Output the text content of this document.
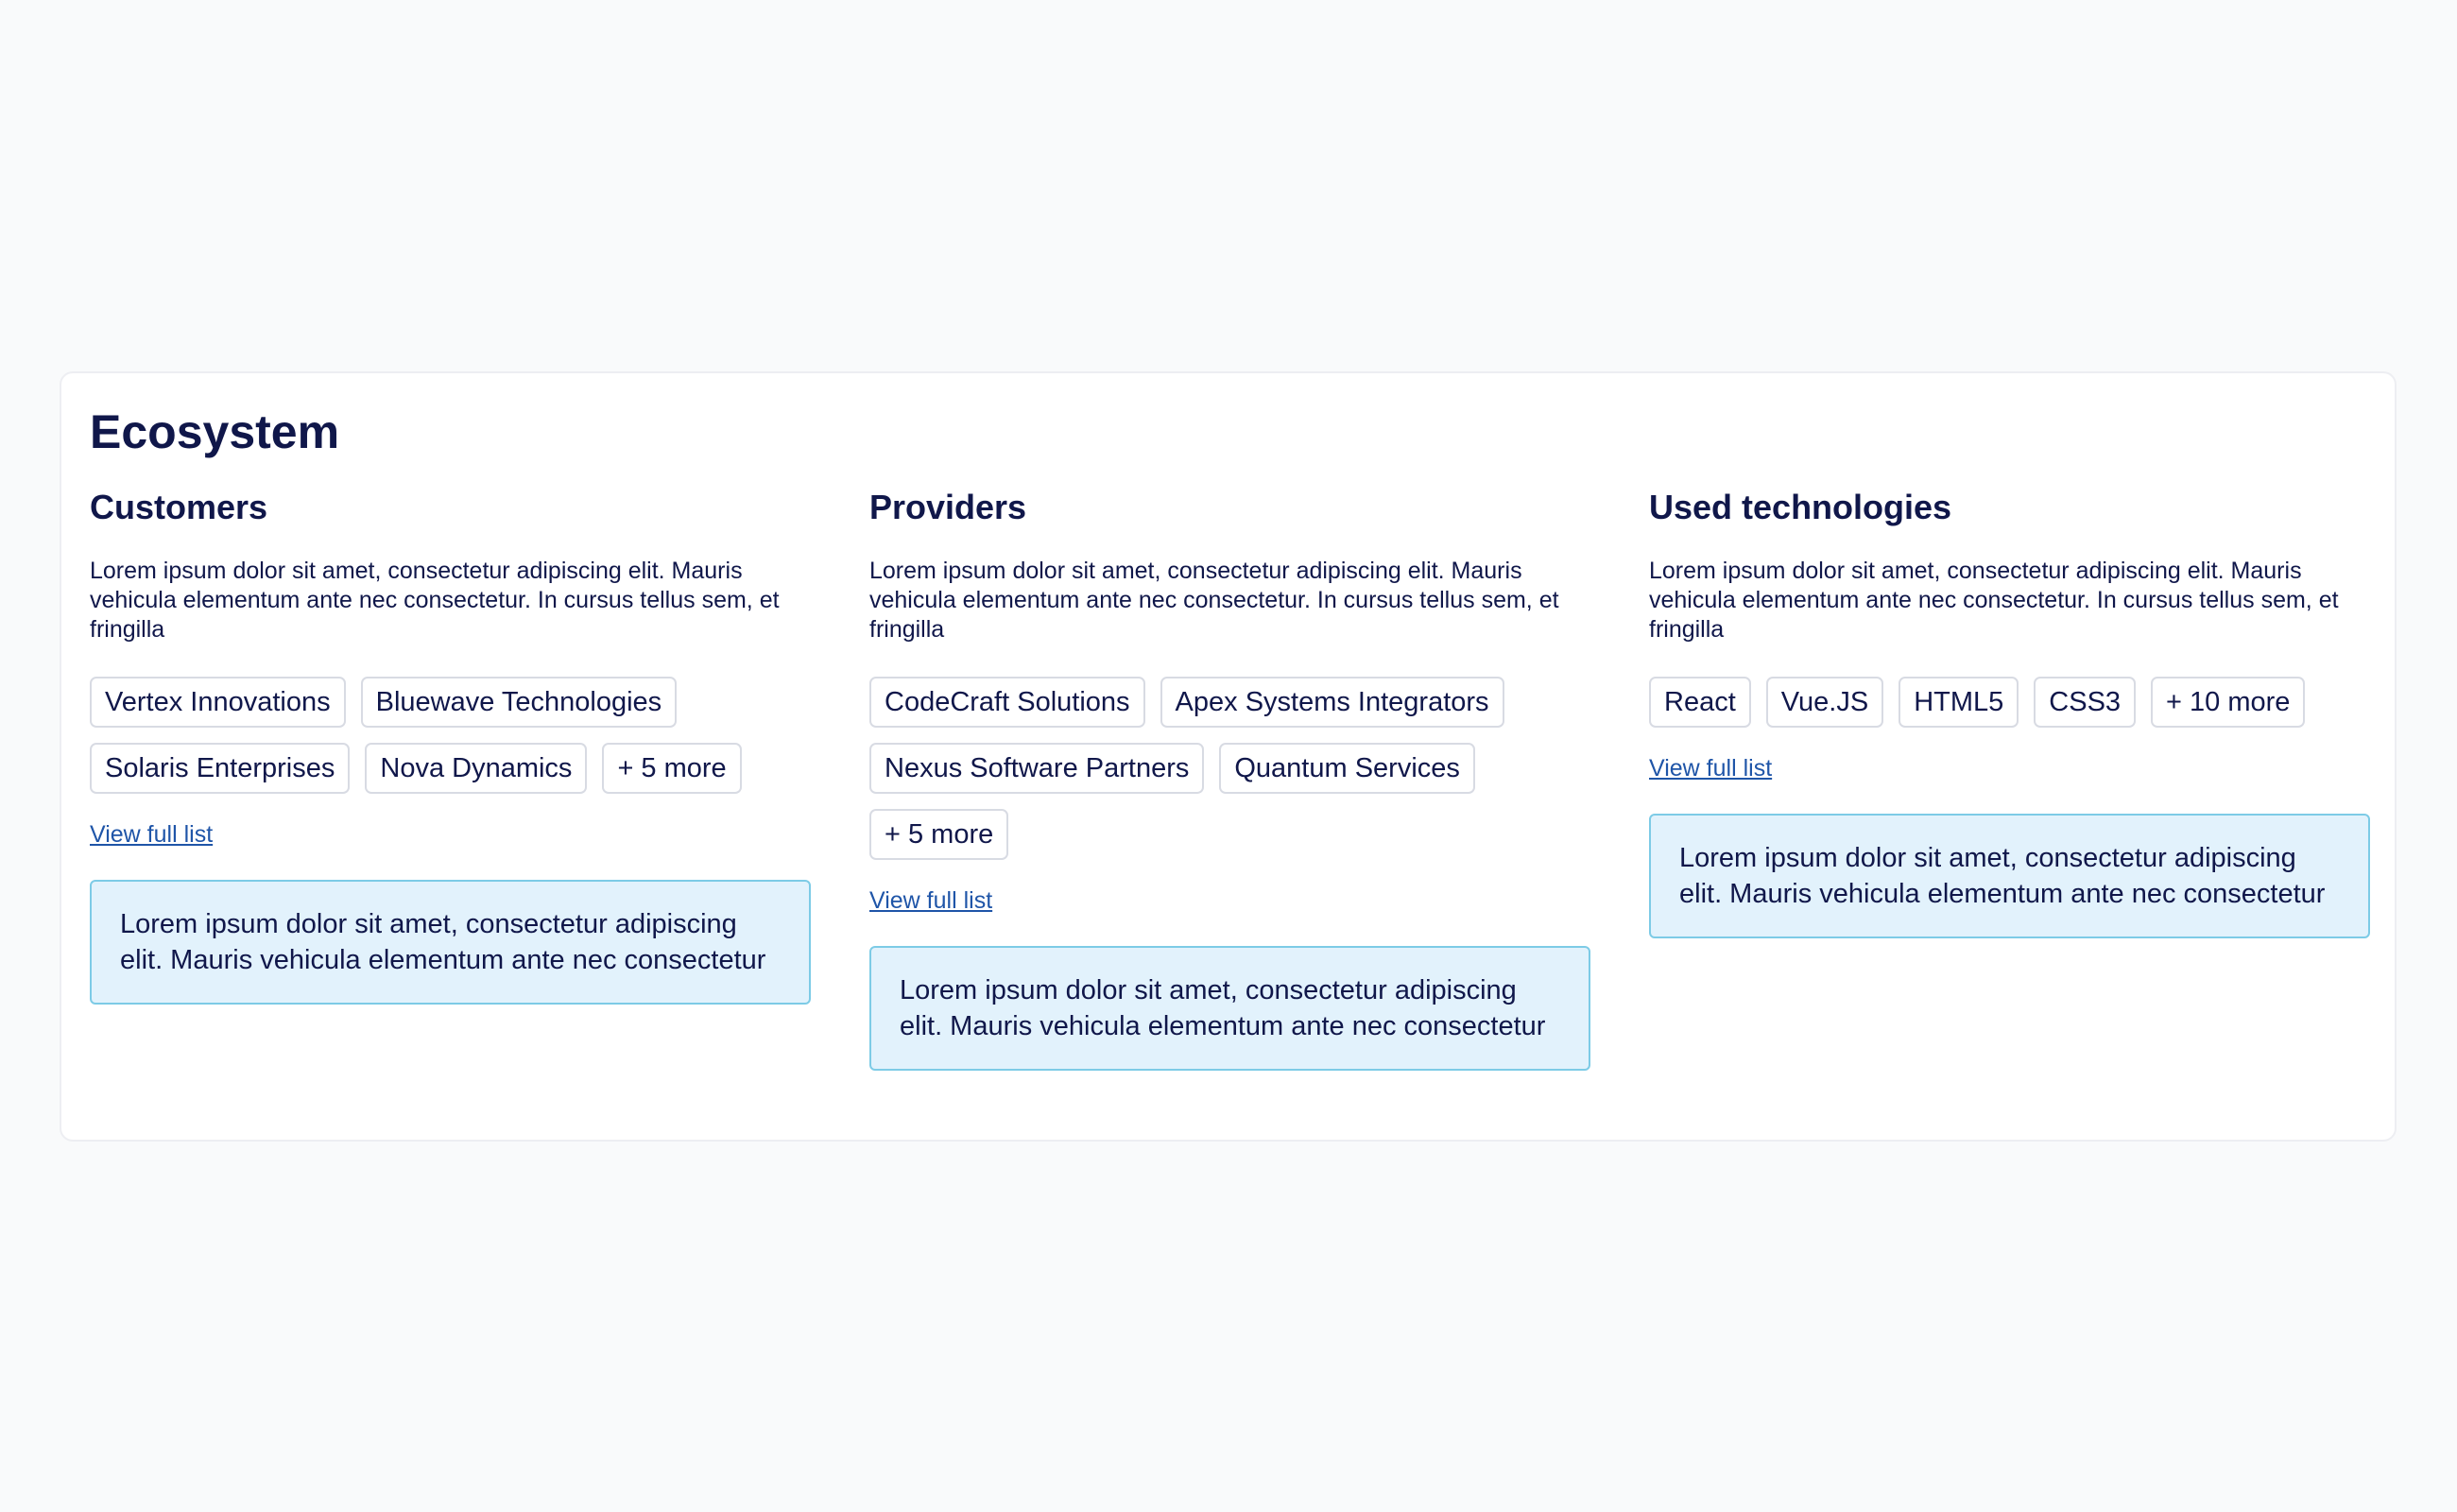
Ecosystem
Customers

Lorem ipsum dolor sit amet, consectetur adipiscing elit. Mauris vehicula elementum ante nec consectetur. In cursus tellus sem, et fringilla

Vertex Innovations	Bluewave Technologies
Solaris Enterprises	Nova Dynamics	+ 5 more
View full list
Lorem ipsum dolor sit amet, consectetur adipiscing elit. Mauris vehicula elementum ante nec consectetur
Providers

Lorem ipsum dolor sit amet, consectetur adipiscing elit. Mauris vehicula elementum ante nec consectetur. In cursus tellus sem, et fringilla

CodeCraft Solutions	Apex Systems Integrators
Nexus Software Partners	Quantum Services
+ 5 more
View full list
Lorem ipsum dolor sit amet, consectetur adipiscing elit. Mauris vehicula elementum ante nec consectetur
Used technologies

Lorem ipsum dolor sit amet, consectetur adipiscing elit. Mauris vehicula elementum ante nec consectetur. In cursus tellus sem, et fringilla

React	Vue.JS	HTML5	CSS3	+ 10 more
View full list
Lorem ipsum dolor sit amet, consectetur adipiscing elit. Mauris vehicula elementum ante nec consectetur
